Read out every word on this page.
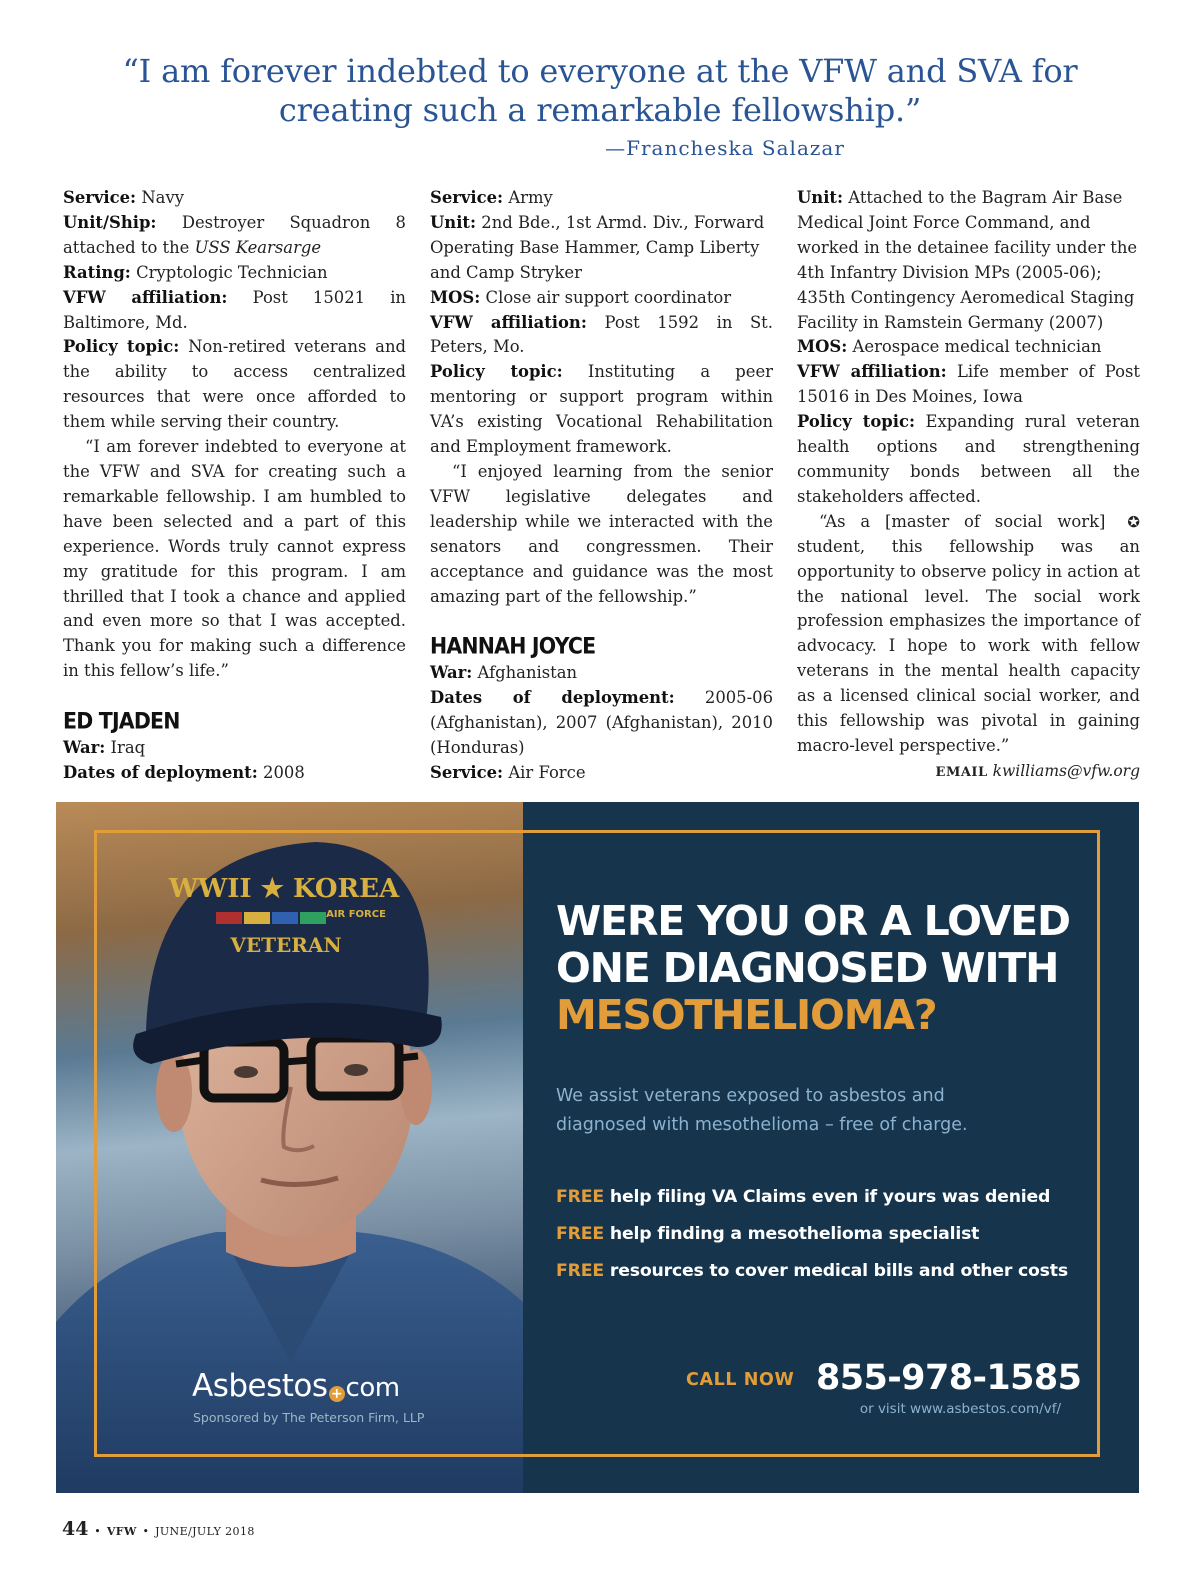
“I am forever indebted to everyone at the VFW and SVA for creating such a remarkable fellowship.”
—Francheska Salazar

Service: Navy

Unit/Ship: Destroyer Squadron 8 attached to the USS Kearsarge

Rating: Cryptologic Technician

VFW affiliation: Post 15021 in Baltimore, Md.

Policy topic: Non-retired veterans and the ability to access centralized resources that were once afforded to them while serving their country.

“I am forever indebted to everyone at the VFW and SVA for creating such a remarkable fellowship. I am humbled to have been selected and a part of this experience. Words truly cannot express my gratitude for this program. I am thrilled that I took a chance and applied and even more so that I was accepted. Thank you for making such a difference in this fellow’s life.”

ED TJADEN

War: Iraq

Dates of deployment: 2008

Service: Army

Unit: 2nd Bde., 1st Armd. Div., Forward Operating Base Hammer, Camp Liberty and Camp Stryker

MOS: Close air support coordinator

VFW affiliation: Post 1592 in St. Peters, Mo.

Policy topic: Instituting a peer mentoring or support program within VA’s existing Vocational Rehabilitation and Employment framework.

“I enjoyed learning from the senior VFW legislative delegates and leadership while we interacted with the senators and congressmen. Their acceptance and guidance was the most amazing part of the fellowship.”

HANNAH JOYCE

War: Afghanistan

Dates of deployment: 2005-06 (Afghanistan), 2007 (Afghanistan), 2010 (Honduras)

Service: Air Force

Unit: Attached to the Bagram Air Base Medical Joint Force Command, and worked in the detainee facility under the 4th Infantry Division MPs (2005-06); 435th Contingency Aeromedical Staging Facility in Ramstein Germany (2007)

MOS: Aerospace medical technician

VFW affiliation: Life member of Post 15016 in Des Moines, Iowa

Policy topic: Expanding rural veteran health options and strengthening community bonds between all the stakeholders affected.

✪
“As a [master of social work] student, this fellowship was an opportunity to observe policy in action at the national level. The social work profession emphasizes the importance of advocacy. I hope to work with fellow veterans in the mental health capacity as a licensed clinical social worker, and this fellowship was pivotal in gaining macro-level perspective.”

EMAIL kwilliams@vfw.org

WWII ★ KOREA
AIR FORCE
VETERAN	WERE YOU OR A LOVED ONE DIAGNOSED WITH
MESOTHELIOMA?
We assist veterans exposed to asbestos and diagnosed with mesothelioma – free of charge.
FREE help filing VA Claims even if yours was denied
FREE help finding a mesothelioma specialist
FREE resources to cover medical bills and other costs
CALL NOW 855-978-1585
or visit www.asbestos.com/vf/
Asbestos + com
Sponsored by The Peterson Firm, LLP
44 • VFW • JUNE/JULY 2018
